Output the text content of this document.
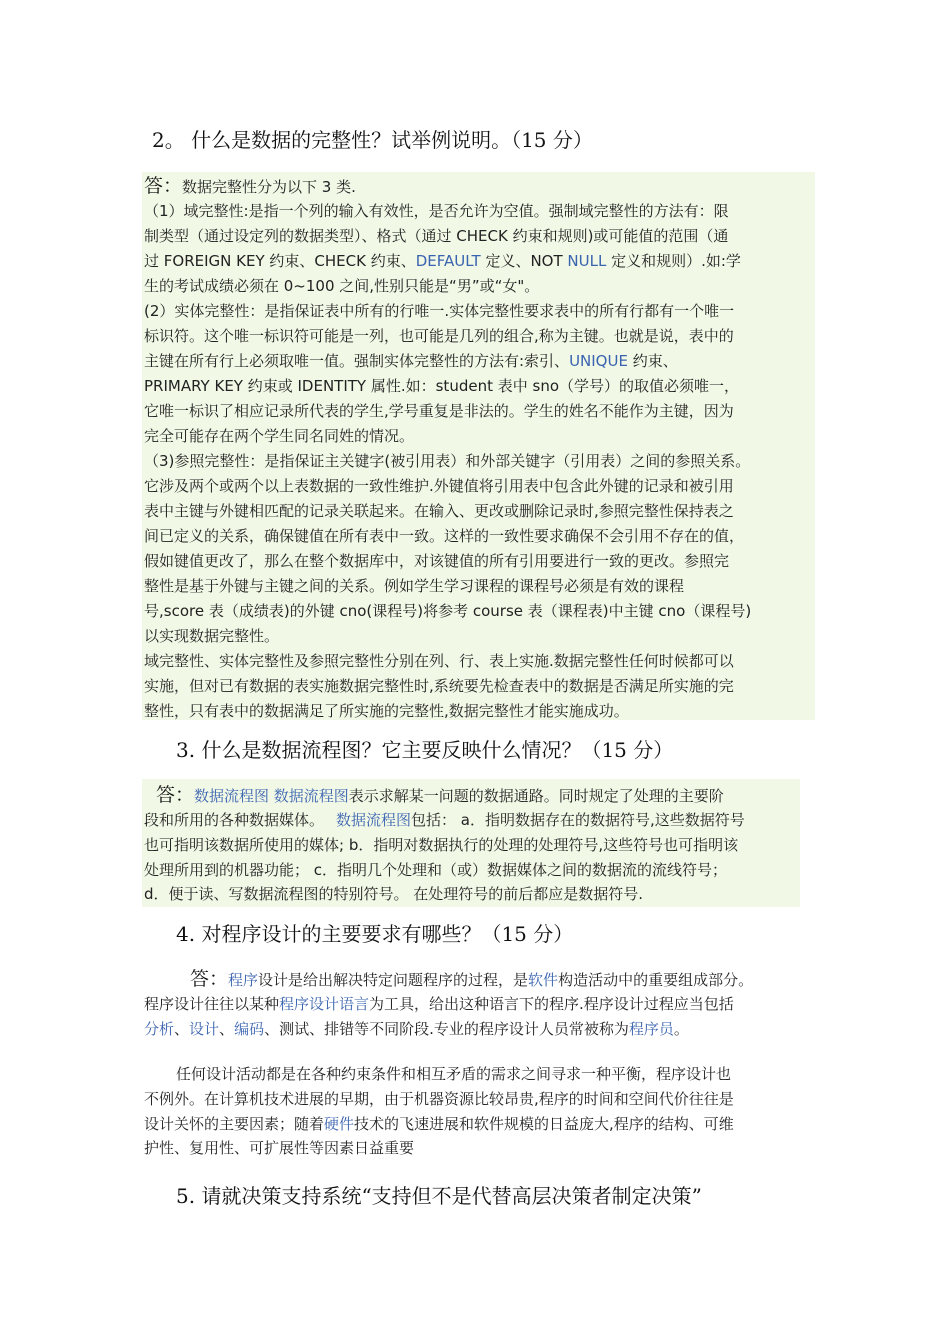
2。 什么是数据的完整性？试举例说明。（15 分）
答：数据完整性分为以下 3 类.
（1）域完整性:是指一个列的输入有效性，是否允许为空值。强制域完整性的方法有：限
制类型（通过设定列的数据类型）、格式（通过 CHECK 约束和规则)或可能值的范围（通
过 FOREIGN KEY 约束、CHECK 约束、DEFAULT 定义、NOT NULL 定义和规则）.如:学
生的考试成绩必须在 0~100 之间,性别只能是“男”或“女"。
(2）实体完整性：是指保证表中所有的行唯一.实体完整性要求表中的所有行都有一个唯一
标识符。这个唯一标识符可能是一列，也可能是几列的组合,称为主键。也就是说，表中的
主键在所有行上必须取唯一值。强制实体完整性的方法有:索引、UNIQUE 约束、
PRIMARY KEY 约束或 IDENTITY 属性.如：student 表中 sno（学号）的取值必须唯一，
它唯一标识了相应记录所代表的学生,学号重复是非法的。学生的姓名不能作为主键，因为
完全可能存在两个学生同名同姓的情况。
（3)参照完整性：是指保证主关键字(被引用表）和外部关键字（引用表）之间的参照关系。
它涉及两个或两个以上表数据的一致性维护.外键值将引用表中包含此外键的记录和被引用
表中主键与外键相匹配的记录关联起来。在输入、更改或删除记录时,参照完整性保持表之
间已定义的关系，确保键值在所有表中一致。这样的一致性要求确保不会引用不存在的值，
假如键值更改了，那么在整个数据库中，对该键值的所有引用要进行一致的更改。参照完
整性是基于外键与主键之间的关系。例如学生学习课程的课程号必须是有效的课程
号,score 表（成绩表)的外键 cno(课程号)将参考 course 表（课程表)中主键 cno（课程号)
以实现数据完整性。
域完整性、实体完整性及参照完整性分别在列、行、表上实施.数据完整性任何时候都可以
实施，但对已有数据的表实施数据完整性时,系统要先检查表中的数据是否满足所实施的完
整性，只有表中的数据满足了所实施的完整性,数据完整性才能实施成功。
3. 什么是数据流程图？它主要反映什么情况？（15 分）
答：数据流程图 数据流程图表示求解某一问题的数据通路。同时规定了处理的主要阶
段和所用的各种数据媒体。 数据流程图包括： a．指明数据存在的数据符号,这些数据符号
也可指明该数据所使用的媒体; b．指明对数据执行的处理的处理符号,这些符号也可指明该
处理所用到的机器功能； c．指明几个处理和（或）数据媒体之间的数据流的流线符号；
d．便于读、写数据流程图的特别符号。 在处理符号的前后都应是数据符号.
4. 对程序设计的主要要求有哪些？（15 分）
答：程序设计是给出解决特定问题程序的过程，是软件构造活动中的重要组成部分。
程序设计往往以某种程序设计语言为工具，给出这种语言下的程序.程序设计过程应当包括
分析、设计、编码、测试、排错等不同阶段.专业的程序设计人员常被称为程序员。
任何设计活动都是在各种约束条件和相互矛盾的需求之间寻求一种平衡，程序设计也
不例外。在计算机技术进展的早期，由于机器资源比较昂贵,程序的时间和空间代价往往是
设计关怀的主要因素；随着硬件技术的飞速进展和软件规模的日益庞大,程序的结构、可维
护性、复用性、可扩展性等因素日益重要
5. 请就决策支持系统“支持但不是代替高层决策者制定决策”
